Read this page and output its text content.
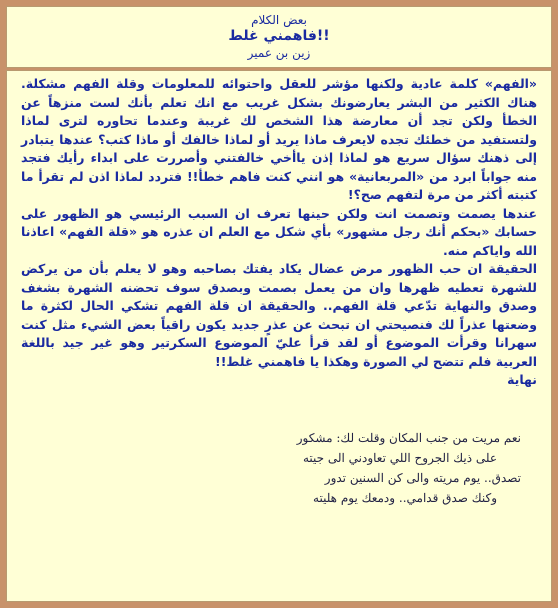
بعض الكلام
فاهمني غلط!!
زين بن عمير

«الفهم» كلمة عادية ولكنها مؤشر للعقل واحتوائه للمعلومات وقلة الفهم مشكلة. هناك الكثير من البشر يعارضونك بشكل غريب مع انك تعلم بأنك لست منزهاً عن الخطأ ولكن تجد أن معارضة هذا الشخص لك غريبة وعندما تحاوره لترى لماذا ولتستفيد من خطئك تجده لايعرف ماذا يريد أو لماذا خالفك أو ماذا كتب؟ عندها يتبادر إلى ذهنك سؤال سريع هو لماذا إذن ياأخي خالفتني وأصررت على ابداء رأيك فتجد منه جواباً ابرد من «المربعانية» هو انني كنت فاهم خطأ!! فتردد لماذا اذن لم تقرأ ما كتبته أكثر من مرة لتفهم صح؟!

عندها يصمت وتصمت انت ولكن حينها تعرف ان السبب الرئيسي هو الظهور على حسابك «بحكم أنك رجل مشهور» بأي شكل مع العلم ان عذره هو «قلة الفهم» اعاذنا الله واياكم منه.

الحقيقة ان حب الظهور مرض عضال يكاد يفتك بصاحبه وهو لا يعلم بأن من يركض للشهرة تعطيه ظهرها وان من يعمل بصمت وبصدق سوف تحضنه الشهرة بشغف وصدق والنهاية تدّعي قلة الفهم.. والحقيقة ان قلة الفهم تشكي الحال لكثرة ما وضعتها عذراً لك فنصيحتي ان تبحث عن عذرٍ جديد يكون راقياً بعض الشيء مثل كنت سهرانا وقرأت الموضوع أو لقد قرأ عليّ الموضوع السكرتير وهو غير جيد باللغة العربية فلم تتضح لي الصورة وهكذا يا فاهمني غلط!!

نهاية

نعم مريت من جنب المكان وقلت لك: مشكور
على ذيك الجروح اللي تعاودني الى جيته
تصدق.. يوم مريته والى كن السنين تدور
وكنك صدق قدامي.. ودمعك يوم هليته
